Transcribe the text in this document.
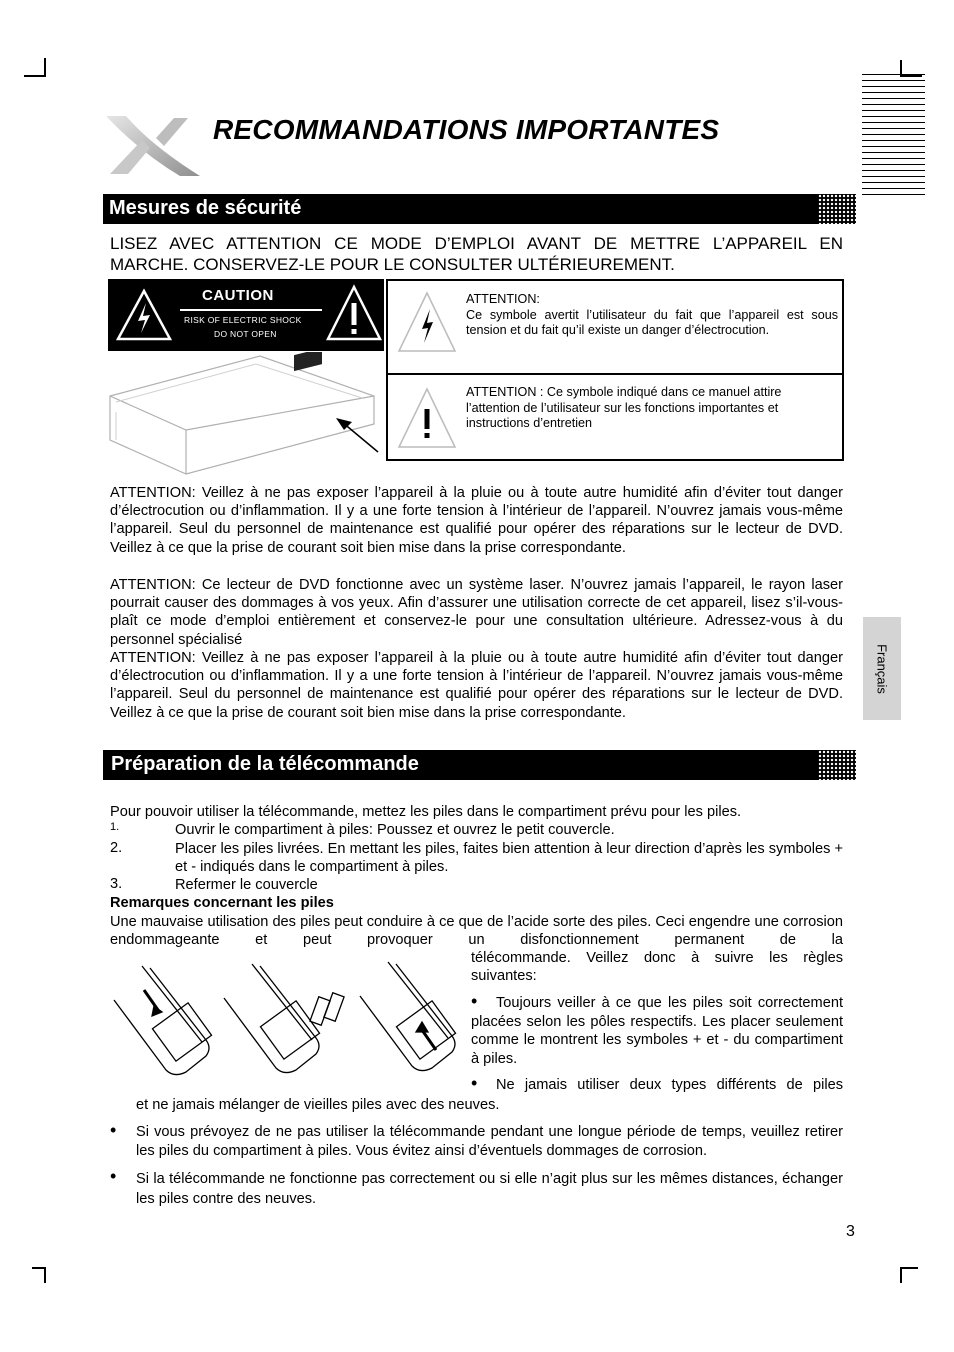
RECOMMANDATIONS IMPORTANTES
Mesures de sécurité
LISEZ AVEC ATTENTION CE MODE D’EMPLOI AVANT DE METTRE L’APPAREIL EN MARCHE. CONSERVEZ-LE POUR LE CONSULTER ULTÉRIEUREMENT.
CAUTION
RISK OF ELECTRIC SHOCK
DO NOT OPEN
ATTENTION:
Ce symbole avertit l’utilisateur du fait que l’appareil est sous tension et du fait qu’il existe un danger d’électrocution.
ATTENTION : Ce symbole indiqué dans ce manuel attire l’attention de l’utilisateur sur les fonctions importantes et instructions d’entretien
ATTENTION: Veillez à ne pas exposer l’appareil à la pluie ou à toute autre humidité afin d’éviter tout danger d’électrocution ou d’inflammation. Il y a une forte tension à l’intérieur de l’appareil. N’ouvrez jamais vous-même l’appareil. Seul du personnel de maintenance est qualifié pour opérer des réparations sur le lecteur de DVD. Veillez à ce que la prise de courant soit bien mise dans la prise correspondante.
ATTENTION: Ce lecteur de DVD fonctionne avec un système laser. N’ouvrez jamais l’appareil, le rayon laser pourrait causer des dommages à vos yeux. Afin d’assurer une utilisation correcte de cet appareil, lisez s’il-vous-plaît ce mode d’emploi entièrement et conservez-le pour une consultation ultérieure. Adressez-vous à du personnel spécialisé
ATTENTION: Veillez à ne pas exposer l’appareil à la pluie ou à toute autre humidité afin d’éviter tout danger d’électrocution ou d’inflammation. Il y a une forte tension à l’intérieur de l’appareil. N’ouvrez jamais vous-même l’appareil. Seul du personnel de maintenance est qualifié pour opérer des réparations sur le lecteur de DVD. Veillez à ce que la prise de courant soit bien mise dans la prise correspondante.
Français
Préparation de la télécommande
Pour pouvoir utiliser la télécommande, mettez les piles dans le compartiment prévu pour les piles.
1.	Ouvrir le compartiment à piles: Poussez et ouvrez le petit couvercle.
2.	Placer les piles livrées. En mettant les piles, faites bien attention à leur direction d’après les symboles + et - indiqués dans le compartiment à piles.
3.	Refermer le couvercle
Remarques concernant les piles
Une mauvaise utilisation des piles peut conduire à ce que de l’acide sorte des piles. Ceci engendre une corrosion endommageante et peut provoquer un disfonctionnement permanent de la
télécommande. Veillez donc à suivre les règles suivantes:
•	Toujours veiller à ce que les piles soit correctement placées selon les pôles respectifs. Les placer seulement comme le montrent les symboles + et - du compartiment à piles.
•	Ne jamais utiliser deux types différents de piles
et ne jamais mélanger de vieilles piles avec des neuves.
• Si vous prévoyez de ne pas utiliser la télécommande pendant une longue période de temps, veuillez retirer les piles du compartiment à piles. Vous évitez ainsi d’éventuels dommages de corrosion.
• Si la télécommande ne fonctionne pas correctement ou si elle n’agit plus sur les mêmes distances, échanger les piles contre des neuves.
3
